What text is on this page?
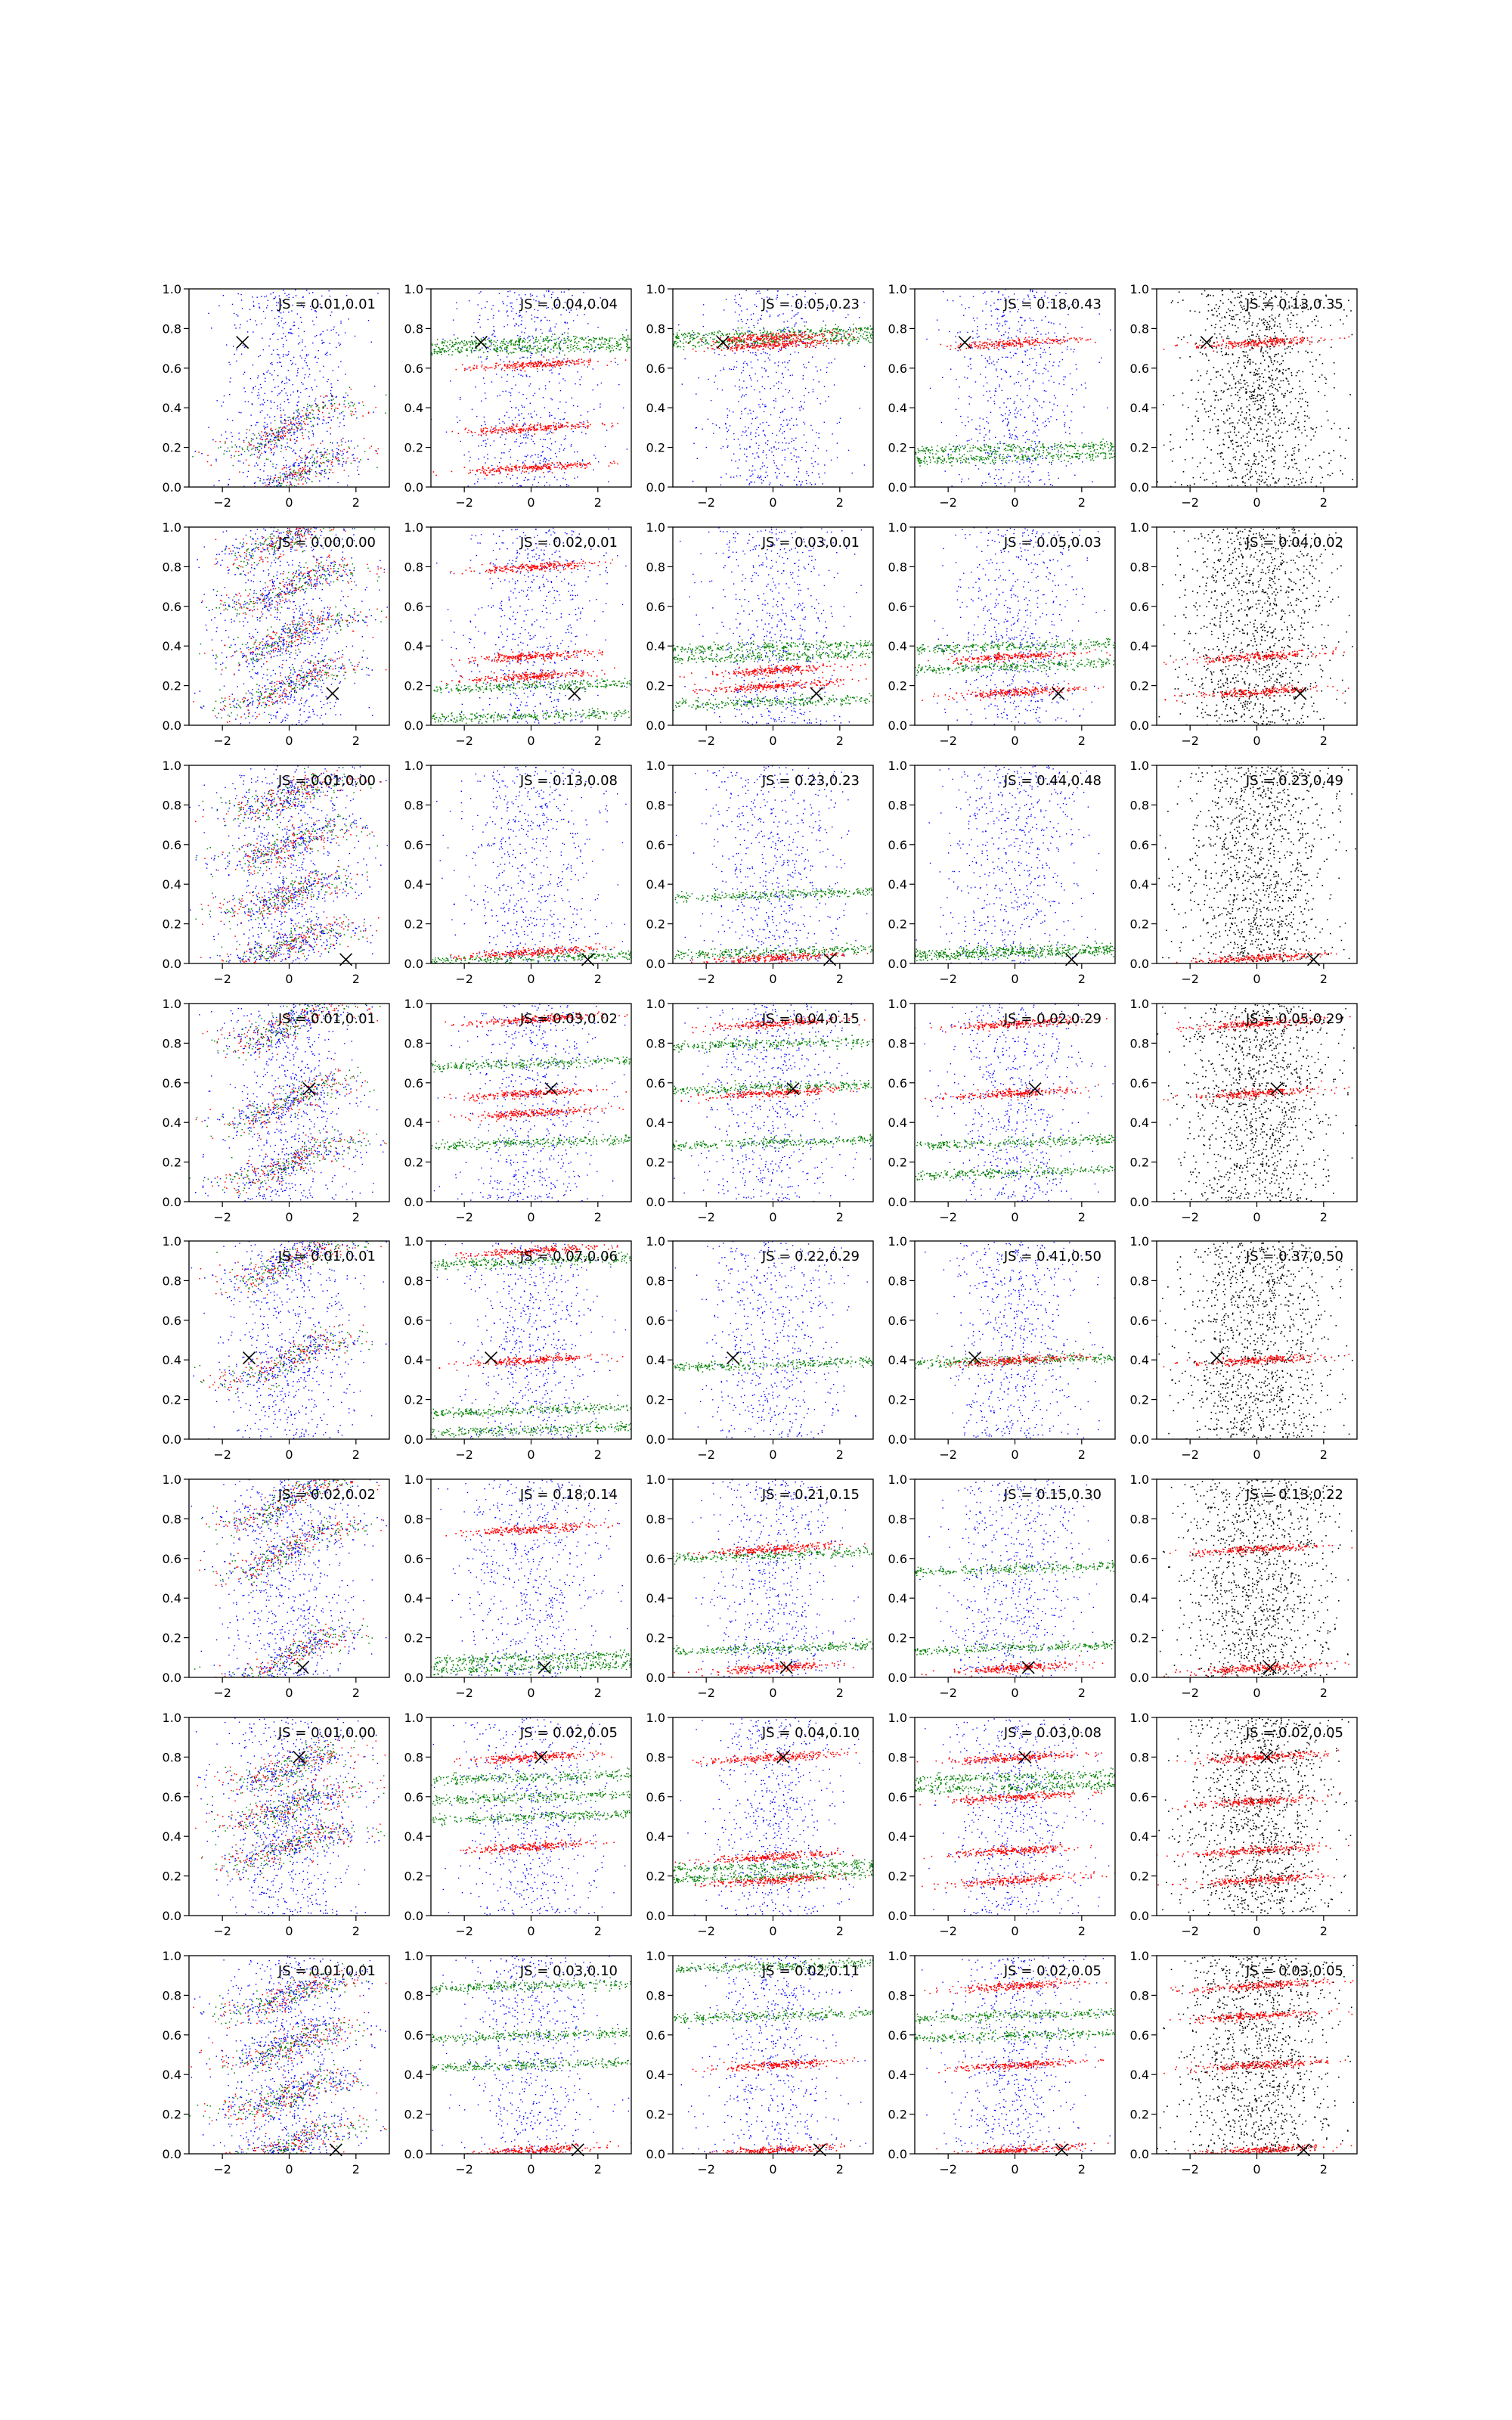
−2	0	2
0.0
0.2
0.4
0.6
0.8
1.0
JS = 0.01,0.01
−2	0	2
0.0
0.2
0.4
0.6
0.8
1.0
JS = 0.04,0.04
−2	0	2
0.0
0.2
0.4
0.6
0.8
1.0
JS = 0.05,0.23
−2	0	2
0.0
0.2
0.4
0.6
0.8
1.0
JS = 0.18,0.43
−2	0	2
0.0
0.2
0.4
0.6
0.8
1.0
JS = 0.13,0.35
−2	0	2
0.0
0.2
0.4
0.6
0.8
1.0
JS = 0.00,0.00
−2	0	2
0.0
0.2
0.4
0.6
0.8
1.0
JS = 0.02,0.01
−2	0	2
0.0
0.2
0.4
0.6
0.8
1.0
JS = 0.03,0.01
−2	0	2
0.0
0.2
0.4
0.6
0.8
1.0
JS = 0.05,0.03
−2	0	2
0.0
0.2
0.4
0.6
0.8
1.0
JS = 0.04,0.02
−2	0	2
0.0
0.2
0.4
0.6
0.8
1.0
JS = 0.01,0.00
−2	0	2
0.0
0.2
0.4
0.6
0.8
1.0
JS = 0.13,0.08
−2	0	2
0.0
0.2
0.4
0.6
0.8
1.0
JS = 0.23,0.23
−2	0	2
0.0
0.2
0.4
0.6
0.8
1.0
JS = 0.44,0.48
−2	0	2
0.0
0.2
0.4
0.6
0.8
1.0
JS = 0.23,0.49
−2	0	2
0.0
0.2
0.4
0.6
0.8
1.0
JS = 0.01,0.01
−2	0	2
0.0
0.2
0.4
0.6
0.8
1.0
JS = 0.03,0.02
−2	0	2
0.0
0.2
0.4
0.6
0.8
1.0
JS = 0.04,0.15
−2	0	2
0.0
0.2
0.4
0.6
0.8
1.0
JS = 0.02,0.29
−2	0	2
0.0
0.2
0.4
0.6
0.8
1.0
JS = 0.05,0.29
−2	0	2
0.0
0.2
0.4
0.6
0.8
1.0
JS = 0.01,0.01
−2	0	2
0.0
0.2
0.4
0.6
0.8
1.0
JS = 0.07,0.06
−2	0	2
0.0
0.2
0.4
0.6
0.8
1.0
JS = 0.22,0.29
−2	0	2
0.0
0.2
0.4
0.6
0.8
1.0
JS = 0.41,0.50
−2	0	2
0.0
0.2
0.4
0.6
0.8
1.0
JS = 0.37,0.50
−2	0	2
0.0
0.2
0.4
0.6
0.8
1.0
JS = 0.02,0.02
−2	0	2
0.0
0.2
0.4
0.6
0.8
1.0
JS = 0.18,0.14
−2	0	2
0.0
0.2
0.4
0.6
0.8
1.0
JS = 0.21,0.15
−2	0	2
0.0
0.2
0.4
0.6
0.8
1.0
JS = 0.15,0.30
−2	0	2
0.0
0.2
0.4
0.6
0.8
1.0
JS = 0.13,0.22
−2	0	2
0.0
0.2
0.4
0.6
0.8
1.0
JS = 0.01,0.00
−2	0	2
0.0
0.2
0.4
0.6
0.8
1.0
JS = 0.02,0.05
−2	0	2
0.0
0.2
0.4
0.6
0.8
1.0
JS = 0.04,0.10
−2	0	2
0.0
0.2
0.4
0.6
0.8
1.0
JS = 0.03,0.08
−2	0	2
0.0
0.2
0.4
0.6
0.8
1.0
JS = 0.02,0.05
−2	0	2
0.0
0.2
0.4
0.6
0.8
1.0
JS = 0.01,0.01
−2	0	2
0.0
0.2
0.4
0.6
0.8
1.0
JS = 0.03,0.10
−2	0	2
0.0
0.2
0.4
0.6
0.8
1.0
JS = 0.02,0.11
−2	0	2
0.0
0.2
0.4
0.6
0.8
1.0
JS = 0.02,0.05
−2	0	2
0.0
0.2
0.4
0.6
0.8
1.0
JS = 0.03,0.05
